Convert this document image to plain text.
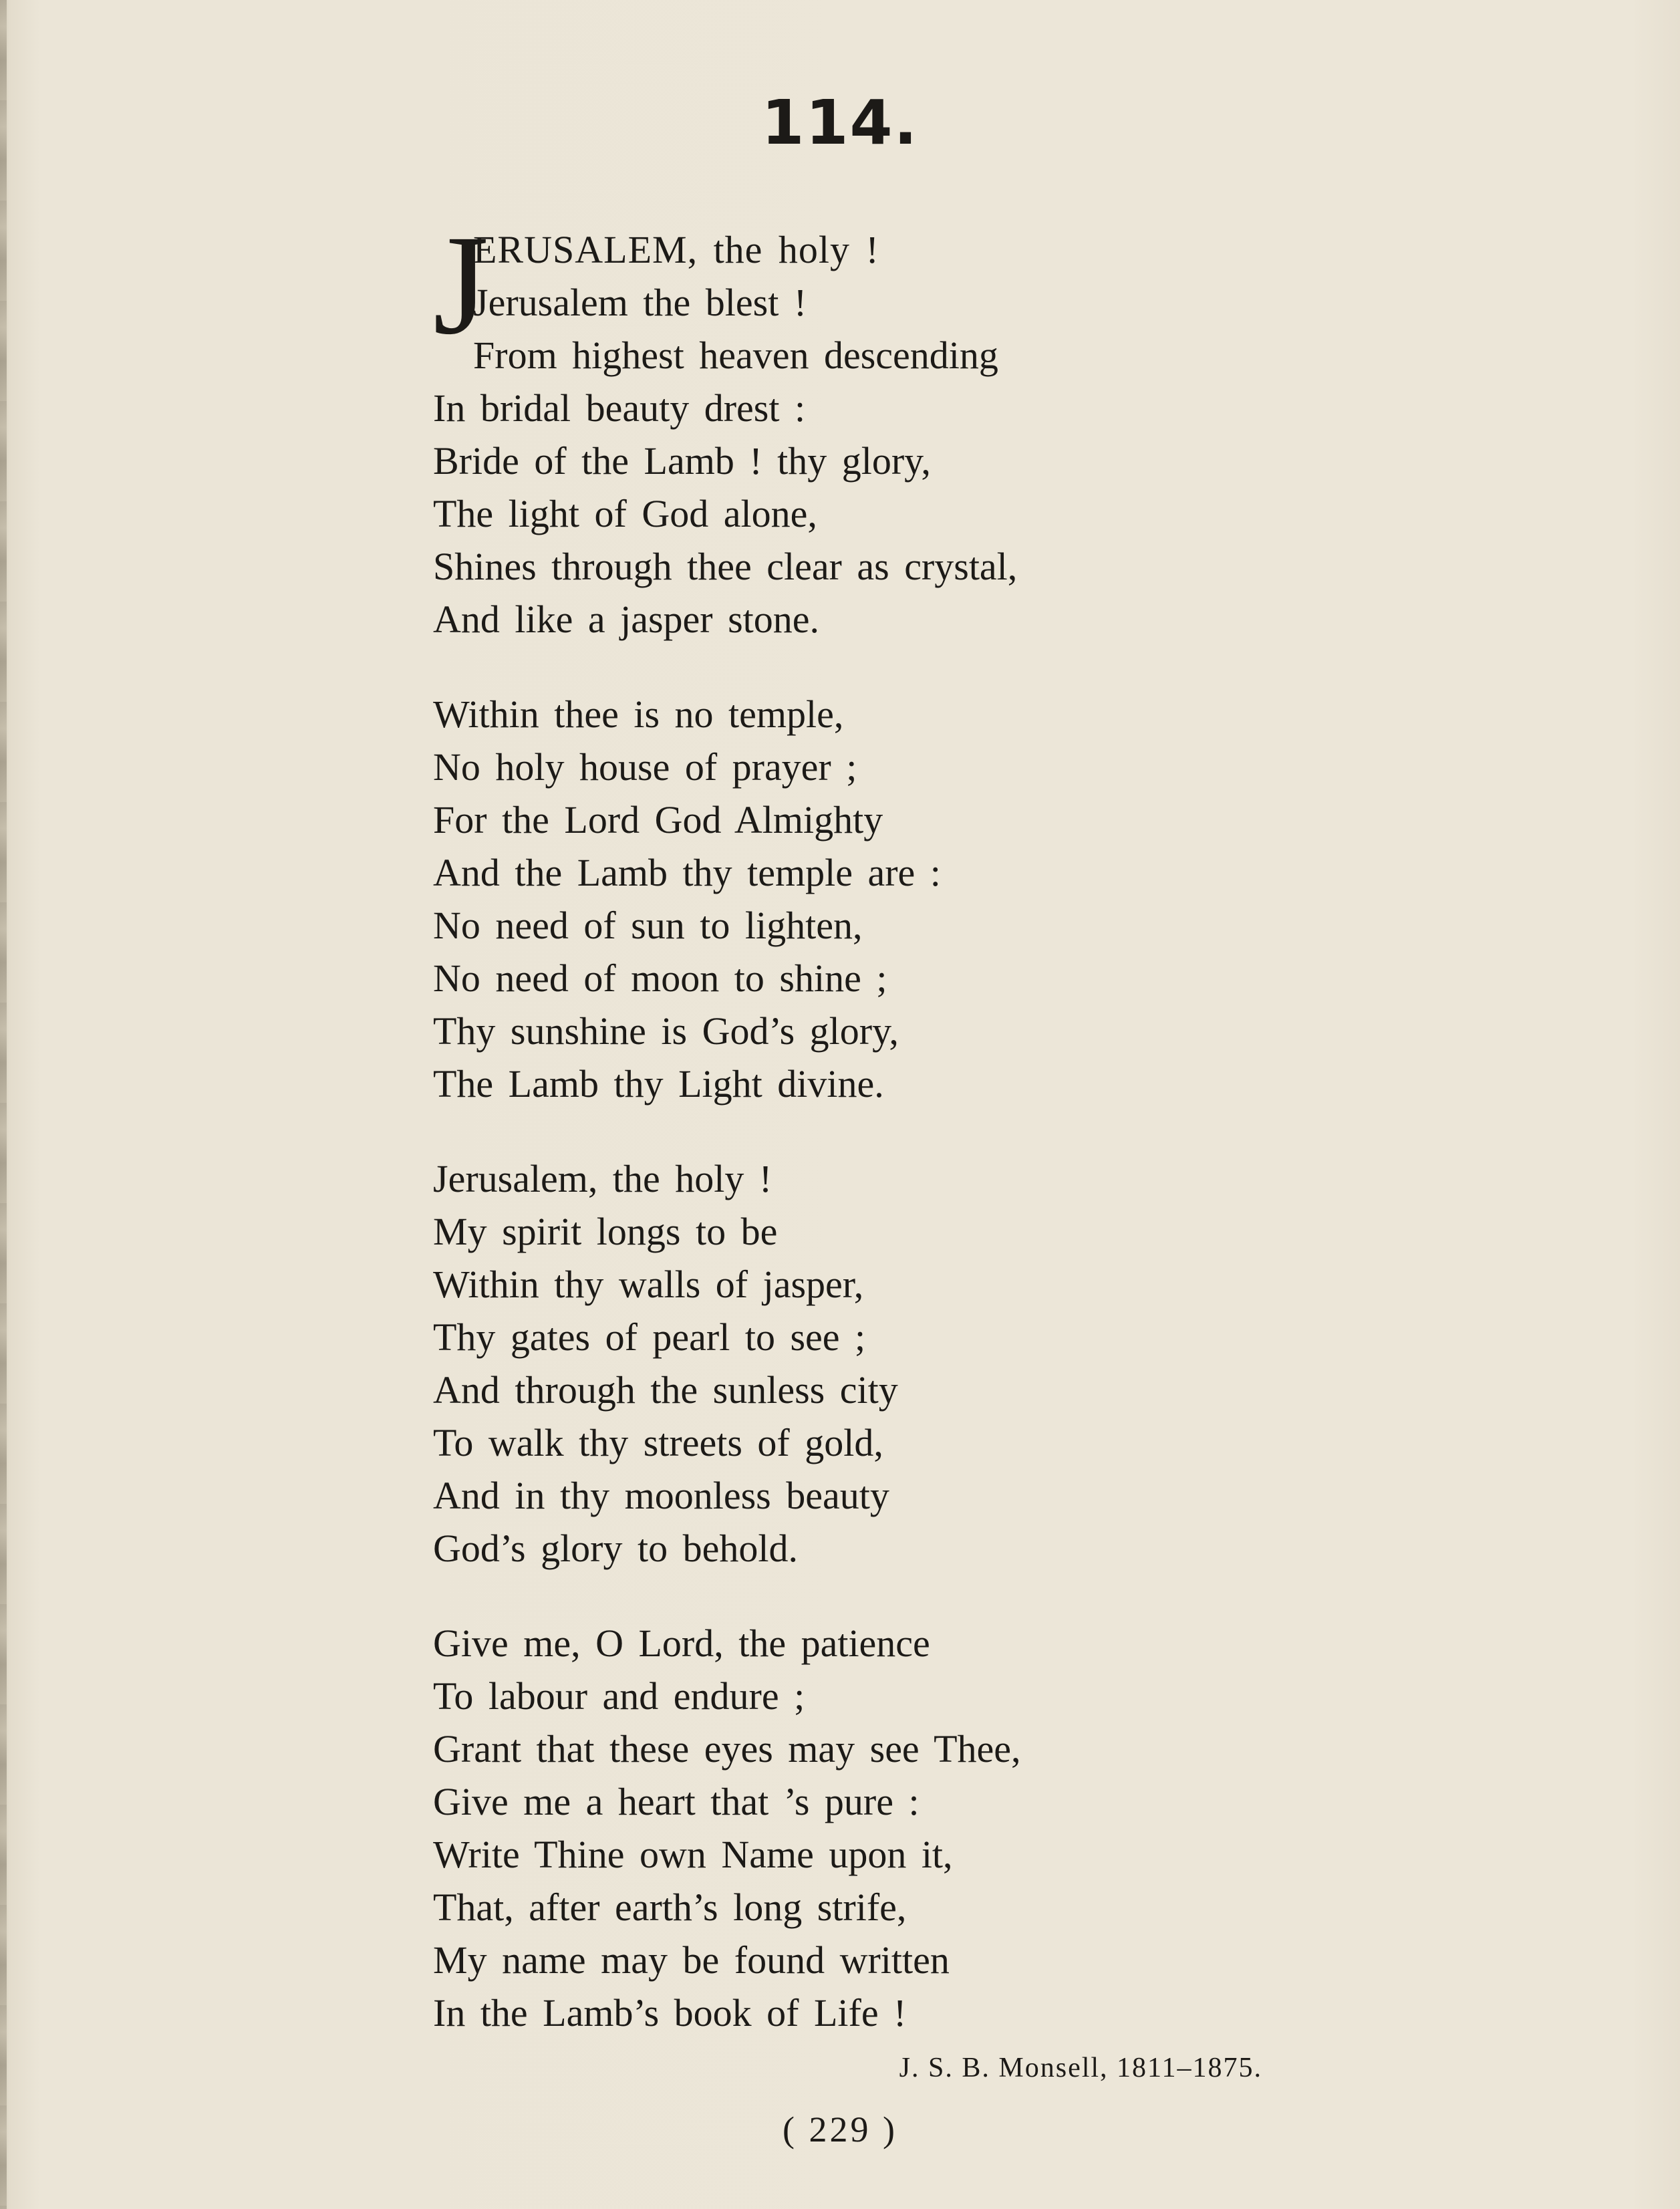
114.
J
ERUSALEM, the holy !
Jerusalem the blest !
From highest heaven descending
In bridal beauty drest :
Bride of the Lamb ! thy glory,
The light of God alone,
Shines through thee clear as crystal,
And like a jasper stone.
Within thee is no temple,
No holy house of prayer ;
For the Lord God Almighty
And the Lamb thy temple are :
No need of sun to lighten,
No need of moon to shine ;
Thy sunshine is God’s glory,
The Lamb thy Light divine.
Jerusalem, the holy !
My spirit longs to be
Within thy walls of jasper,
Thy gates of pearl to see ;
And through the sunless city
To walk thy streets of gold,
And in thy moonless beauty
God’s glory to behold.
Give me, O Lord, the patience
To labour and endure ;
Grant that these eyes may see Thee,
Give me a heart that ’s pure :
Write Thine own Name upon it,
That, after earth’s long strife,
My name may be found written
In the Lamb’s book of Life !
J. S. B. Monsell, 1811–1875.
( 229 )
